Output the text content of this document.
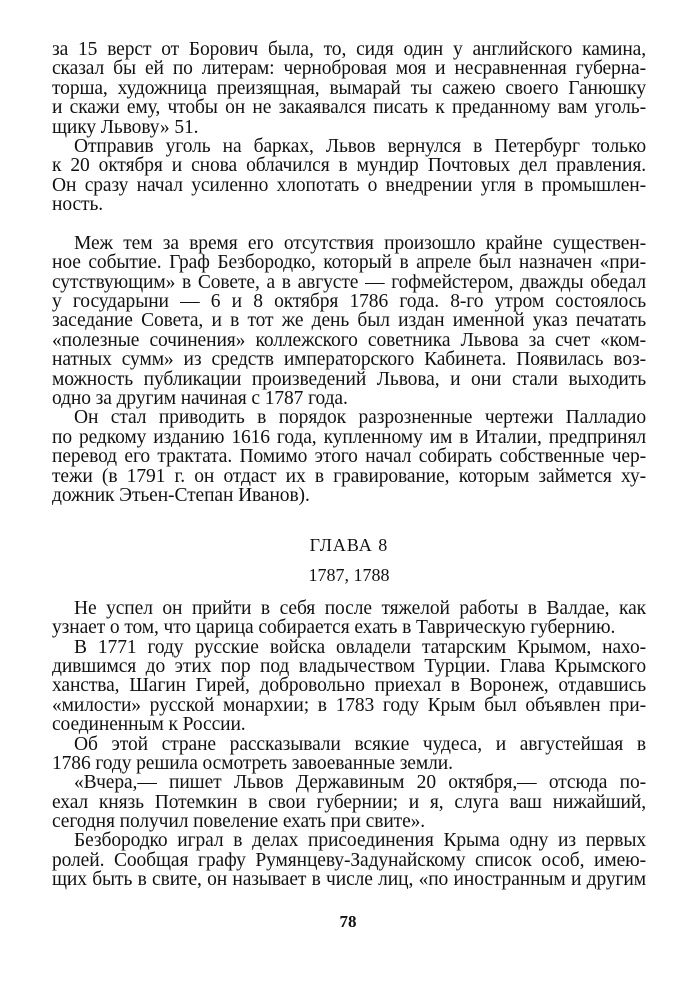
за 15 верст от Борович была, то, сидя один у английского камина,
сказал бы ей по литерам: чернобровая моя и несравненная губерна-
торша, художница преизящная, вымарай ты сажею своего Ганюшку
и скажи ему, чтобы он не закаявался писать к преданному вам уголь-
щику Львову» 51.
Отправив уголь на барках, Львов вернулся в Петербург только
к 20 октября и снова облачился в мундир Почтовых дел правления.
Он сразу начал усиленно хлопотать о внедрении угля в промышлен-
ность.
Меж тем за время его отсутствия произошло крайне существен-
ное событие. Граф Безбородко, который в апреле был назначен «при-
сутствующим» в Совете, а в августе — гофмейстером, дважды обедал
у государыни — 6 и 8 октября 1786 года. 8-го утром состоялось
заседание Совета, и в тот же день был издан именной указ печатать
«полезные сочинения» коллежского советника Львова за счет «ком-
натных сумм» из средств императорского Кабинета. Появилась воз-
можность публикации произведений Львова, и они стали выходить
одно за другим начиная с 1787 года.
Он стал приводить в порядок разрозненные чертежи Палладио
по редкому изданию 1616 года, купленному им в Италии, предпринял
перевод его трактата. Помимо этого начал собирать собственные чер-
тежи (в 1791 г. он отдаст их в гравирование, которым займется ху-
дожник Этьен-Степан Иванов).
ГЛАВА 8
1787, 1788
Не успел он прийти в себя после тяжелой работы в Валдае, как
узнает о том, что царица собирается ехать в Таврическую губернию.
В 1771 году русские войска овладели татарским Крымом, нахо-
дившимся до этих пор под владычеством Турции. Глава Крымского
ханства, Шагин Гирей, добровольно приехал в Воронеж, отдавшись
«милости» русской монархии; в 1783 году Крым был объявлен при-
соединенным к России.
Об этой стране рассказывали всякие чудеса, и августейшая в
1786 году решила осмотреть завоеванные земли.
«Вчера,— пишет Львов Державиным 20 октября,— отсюда по-
ехал князь Потемкин в свои губернии; и я, слуга ваш нижайший,
сегодня получил повеление ехать при свите».
Безбородко играл в делах присоединения Крыма одну из первых
ролей. Сообщая графу Румянцеву-Задунайскому список особ, имею-
щих быть в свите, он называет в числе лиц, «по иностранным и другим
78
